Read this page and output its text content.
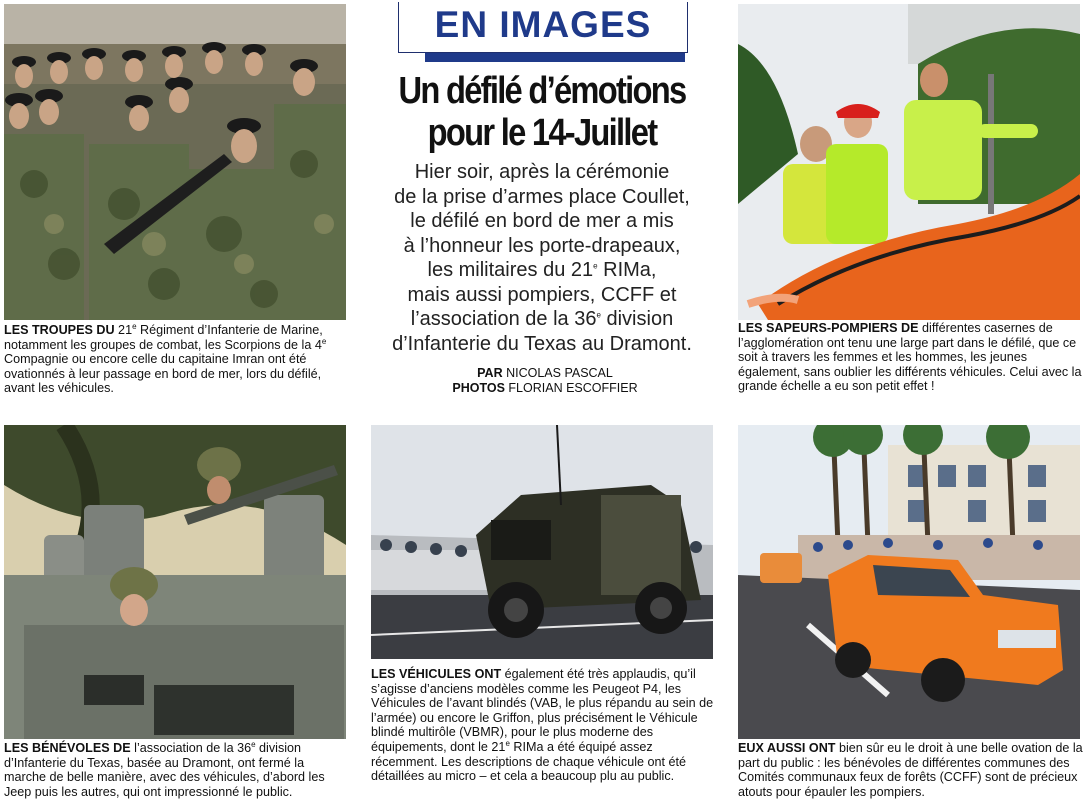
LES TROUPES DU 21e Régiment d’Infanterie de Marine, notamment les groupes de combat, les Scorpions de la 4e Compagnie ou encore celle du capitaine Imran ont été ovationnés à leur passage en bord de mer, lors du défilé, avant les véhicules.
EN IMAGES
Un défilé d’émotions
pour le 14-Juillet
Hier soir, après la cérémonie
de la prise d’armes place Coullet,
le défilé en bord de mer a mis
à l’honneur les porte-drapeaux,
les militaires du 21e RIMa,
mais aussi pompiers, CCFF et
l’association de la 36e division
d’Infanterie du Texas au Dramont.
PAR NICOLAS PASCAL
PHOTOS FLORIAN ESCOFFIER
LES SAPEURS-POMPIERS DE différentes casernes de l’agglomération ont tenu une large part dans le défilé, que ce soit à travers les femmes et les hommes, les jeunes également, sans oublier les différents véhicules. Celui avec la grande échelle a eu son petit effet !
LES BÉNÉVOLES DE l’association de la 36e division d’Infanterie du Texas, basée au Dramont, ont fermé la marche de belle manière, avec des véhicules, d’abord les Jeep puis les autres, qui ont impressionné le public.
LES VÉHICULES ONT également été très applaudis, qu’il s’agisse d’anciens modèles comme les Peugeot P4, les Véhicules de l’avant blindés (VAB, le plus répandu au sein de l’armée) ou encore le Griffon, plus précisément le Véhicule blindé multirôle (VBMR), pour le plus moderne des équipements, dont le 21e RIMa a été équipé assez récemment. Les descriptions de chaque véhicule ont été détaillées au micro – et cela a beaucoup plu au public.
EUX AUSSI ONT bien sûr eu le droit à une belle ovation de la part du public : les bénévoles de différentes communes des Comités communaux feux de forêts (CCFF) sont de précieux atouts pour épauler les pompiers.
